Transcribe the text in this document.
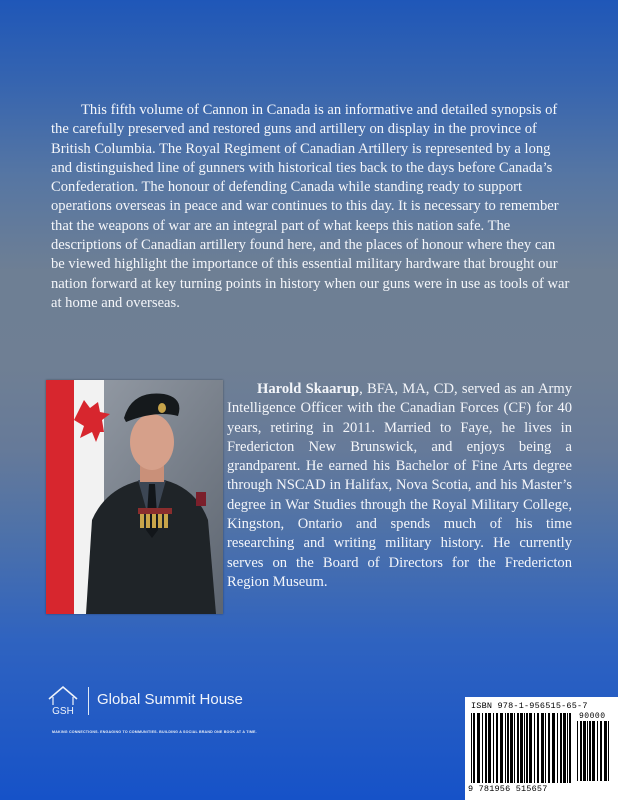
This fifth volume of Cannon in Canada is an informative and detailed synopsis of the carefully preserved and restored guns and artillery on display in the province of British Columbia. The Royal Regiment of Canadian Artillery is represented by a long and distinguished line of gunners with historical ties back to the days before Canada’s Confederation. The honour of defending Canada while standing ready to support operations overseas in peace and war continues to this day. It is necessary to remember that the weapons of war are an integral part of what keeps this nation safe. The descriptions of Canadian artillery found here, and the places of honour where they can be viewed highlight the importance of this essential military hardware that brought our nation forward at key turning points in history when our guns were in use as tools of war at home and overseas.

Harold Skaarup, BFA, MA, CD, served as an Army Intelligence Officer with the Canadian Forces (CF) for 40 years, retiring in 2011. Married to Faye, he lives in Fredericton New Brunswick, and enjoys being a grandparent. He earned his Bachelor of Fine Arts degree through NSCAD in Halifax, Nova Scotia, and his Master’s degree in War Studies through the Royal Military College, Kingston, Ontario and spends much of his time researching and writing military history. He currently serves on the Board of Directors for the Fredericton Region Museum.

GSH
Global Summit House
MAKING CONNECTIONS. ENGAGING TO COMMUNITIES. BUILDING A SOCIAL BRAND ONE BOOK AT A TIME.
ISBN 978-1-956515-65-7
90000
9 781956 515657
